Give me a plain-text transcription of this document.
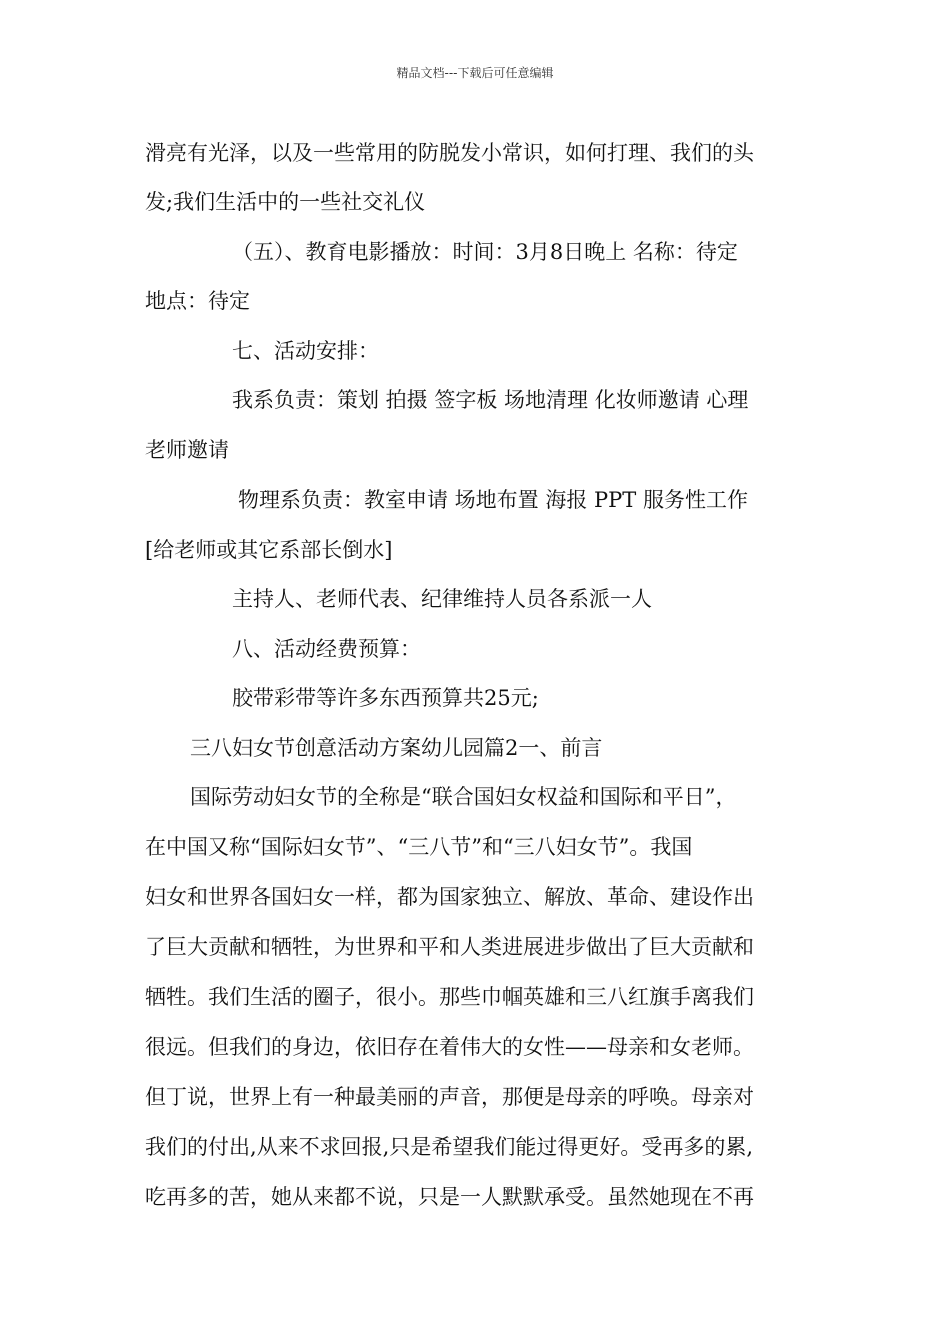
精品文档---下载后可任意编辑
滑亮有光泽，以及一些常用的防脱发小常识，如何打理、我们的头
发;我们生活中的一些社交礼仪
（五）、教育电影播放：时间：3月8日晚上 名称：待定
地点：待定
七、活动安排：
我系负责：策划 拍摄 签字板 场地清理 化妆师邀请 心理
老师邀请
物理系负责：教室申请 场地布置 海报 PPT 服务性工作
[给老师或其它系部长倒水]
主持人、老师代表、纪律维持人员各系派一人
八、活动经费预算：
胶带彩带等许多东西预算共25元;
三八妇女节创意活动方案幼儿园篇2一、前言
国际劳动妇女节的全称是“联合国妇女权益和国际和平日”，
在中国又称“国际妇女节”、“三八节”和“三八妇女节”。我国
妇女和世界各国妇女一样，都为国家独立、解放、革命、建设作出
了巨大贡献和牺牲，为世界和平和人类进展进步做出了巨大贡献和
牺牲。我们生活的圈子，很小。那些巾帼英雄和三八红旗手离我们
很远。但我们的身边，依旧存在着伟大的女性——母亲和女老师。
但丁说，世界上有一种最美丽的声音，那便是母亲的呼唤。母亲对
我们的付出,从来不求回报,只是希望我们能过得更好。受再多的累,
吃再多的苦，她从来都不说，只是一人默默承受。虽然她现在不再
